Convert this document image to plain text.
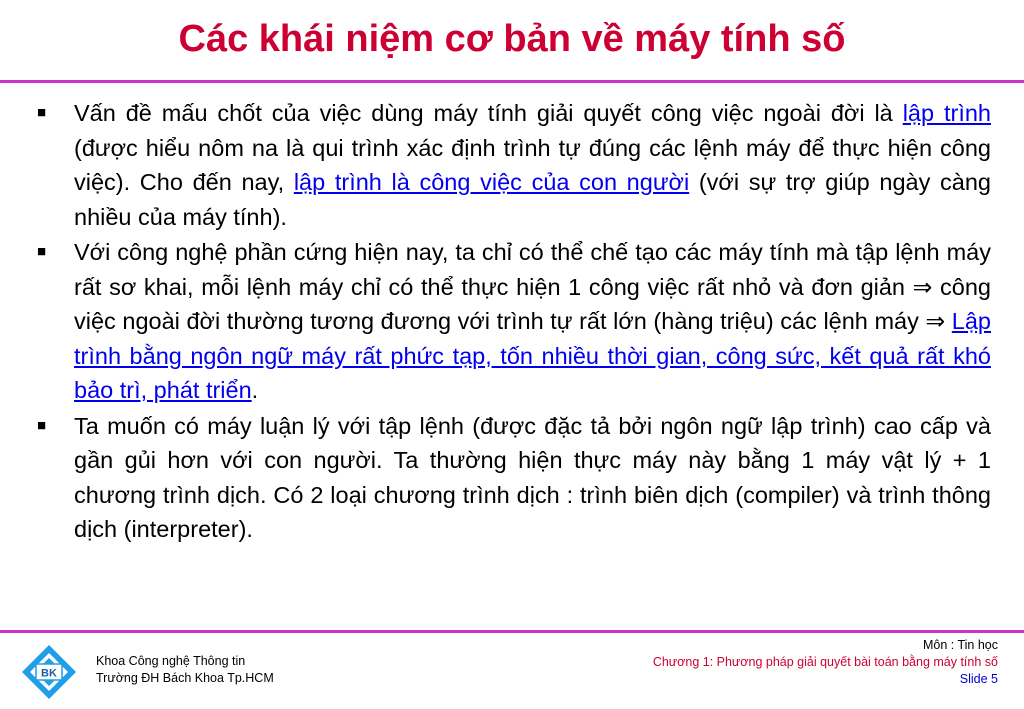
Các khái niệm cơ bản về máy tính số
■ Vấn đề mấu chốt của việc dùng máy tính giải quyết công việc ngoài đời là lập trình (được hiểu nôm na là qui trình xác định trình tự đúng các lệnh máy để thực hiện công việc). Cho đến nay, lập trình là công việc của con người (với sự trợ giúp ngày càng nhiều của máy tính).
■ Với công nghệ phần cứng hiện nay, ta chỉ có thể chế tạo các máy tính mà tập lệnh máy rất sơ khai, mỗi lệnh máy chỉ có thể thực hiện 1 công việc rất nhỏ và đơn giản ⇒ công việc ngoài đời thường tương đương với trình tự rất lớn (hàng triệu) các lệnh máy ⇒ Lập trình bằng ngôn ngữ máy rất phức tạp, tốn nhiều thời gian, công sức, kết quả rất khó bảo trì, phát triển.
■ Ta muốn có máy luận lý với tập lệnh (được đặc tả bởi ngôn ngữ lập trình) cao cấp và gần gủi hơn với con người. Ta thường hiện thực máy này bằng 1 máy vật lý + 1 chương trình dịch. Có 2 loại chương trình dịch : trình biên dịch (compiler) và trình thông dịch (interpreter).
BK
Khoa Công nghệ Thông tin
Trường ĐH Bách Khoa Tp.HCM
Môn : Tin học
Chương 1: Phương pháp giải quyết bài toán bằng máy tính số
Slide 5
